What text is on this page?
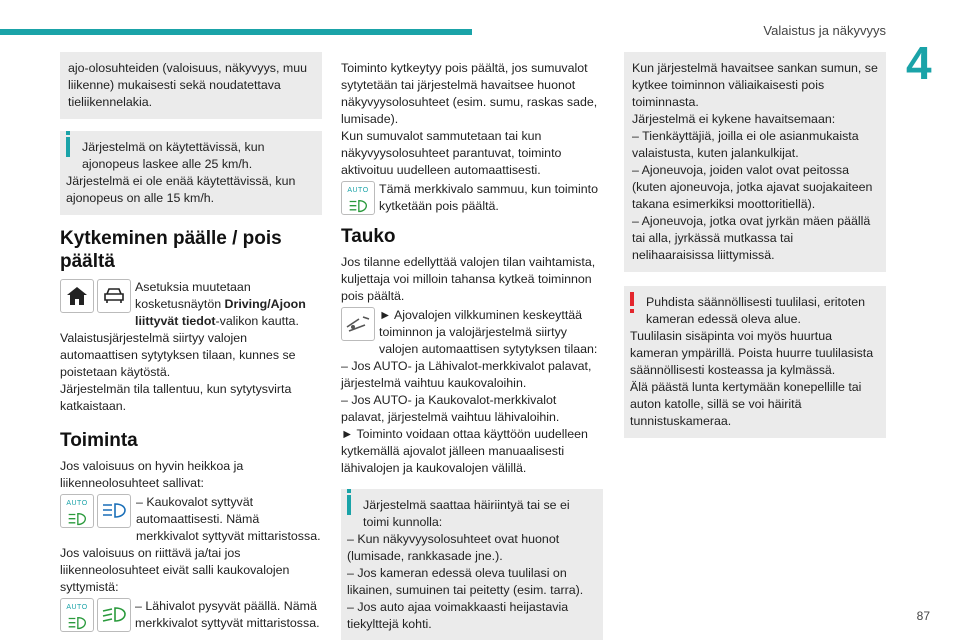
Valaistus ja näkyvyys
4
87

ajo-olosuhteiden (valoisuus, näkyvyys, muu liikenne) mukaisesti sekä noudatettava tieliikennelakia.

Järjestelmä on käytettävissä, kun ajonopeus laskee alle 25 km/h.

Järjestelmä ei ole enää käytettävissä, kun ajonopeus on alle 15 km/h.

Kytkeminen päälle / pois päältä
Asetuksia muutetaan kosketusnäytön Driving/Ajoon liittyvät tiedot-valikon kautta.

Valaistusjärjestelmä siirtyy valojen automaattisen sytytyksen tilaan, kunnes se poistetaan käytöstä.

Järjestelmän tila tallentuu, kun sytytysvirta katkaistaan.

Toiminta

Jos valoisuus on hyvin heikkoa ja liikenneolosuhteet sallivat:

AUTO	– Kaukovalot syttyvät automaattisesti. Nämä merkkivalot syttyvät mittaristossa.

Jos valoisuus on riittävä ja/tai jos liikenneolosuhteet eivät salli kaukovalojen syttymistä:

AUTO	– Lähivalot pysyvät päällä. Nämä merkkivalot syttyvät mittaristossa.

Toiminto kytkeytyy pois päältä, jos sumuvalot sytytetään tai järjestelmä havaitsee huonot näkyvyysolosuhteet (esim. sumu, raskas sade, lumisade).

Kun sumuvalot sammutetaan tai kun näkyvyysolosuhteet parantuvat, toiminto aktivoituu uudelleen automaattisesti.

AUTO Tämä merkkivalo sammuu, kun toiminto kytketään pois päältä.
Tauko

Jos tilanne edellyttää valojen tilan vaihtamista, kuljettaja voi milloin tahansa kytkeä toiminnon pois päältä.

► Ajovalojen vilkkuminen keskeyttää toiminnon ja valojärjestelmä siirtyy valojen automaattisen sytytyksen tilaan:

– Jos AUTO- ja Lähivalot-merkkivalot palavat, järjestelmä vaihtuu kaukovaloihin.

– Jos AUTO- ja Kaukovalot-merkkivalot palavat, järjestelmä vaihtuu lähivaloihin.

► Toiminto voidaan ottaa käyttöön uudelleen kytkemällä ajovalot jälleen manuaalisesti lähivalojen ja kaukovalojen välillä.

Järjestelmä saattaa häiriintyä tai se ei toimi kunnolla:

– Kun näkyvyysolosuhteet ovat huonot (lumisade, rankkasade jne.).

– Jos kameran edessä oleva tuulilasi on likainen, sumuinen tai peitetty (esim. tarra).

– Jos auto ajaa voimakkaasti heijastavia tiekylttejä kohti.

Kun järjestelmä havaitsee sankan sumun, se kytkee toiminnon väliaikaisesti pois toiminnasta.

Järjestelmä ei kykene havaitsemaan:

– Tienkäyttäjiä, joilla ei ole asianmukaista valaistusta, kuten jalankulkijat.

– Ajoneuvoja, joiden valot ovat peitossa (kuten ajoneuvoja, jotka ajavat suojakaiteen takana esimerkiksi moottoritiellä).

– Ajoneuvoja, jotka ovat jyrkän mäen päällä tai alla, jyrkässä mutkassa tai nelihaaraisissa liittymissä.

Puhdista säännöllisesti tuulilasi, eritoten kameran edessä oleva alue.

Tuulilasin sisäpinta voi myös huurtua kameran ympärillä. Poista huurre tuulilasista säännöllisesti kosteassa ja kylmässä.

Älä päästä lunta kertymään konepellille tai auton katolle, sillä se voi häiritä tunnistuskameraa.
